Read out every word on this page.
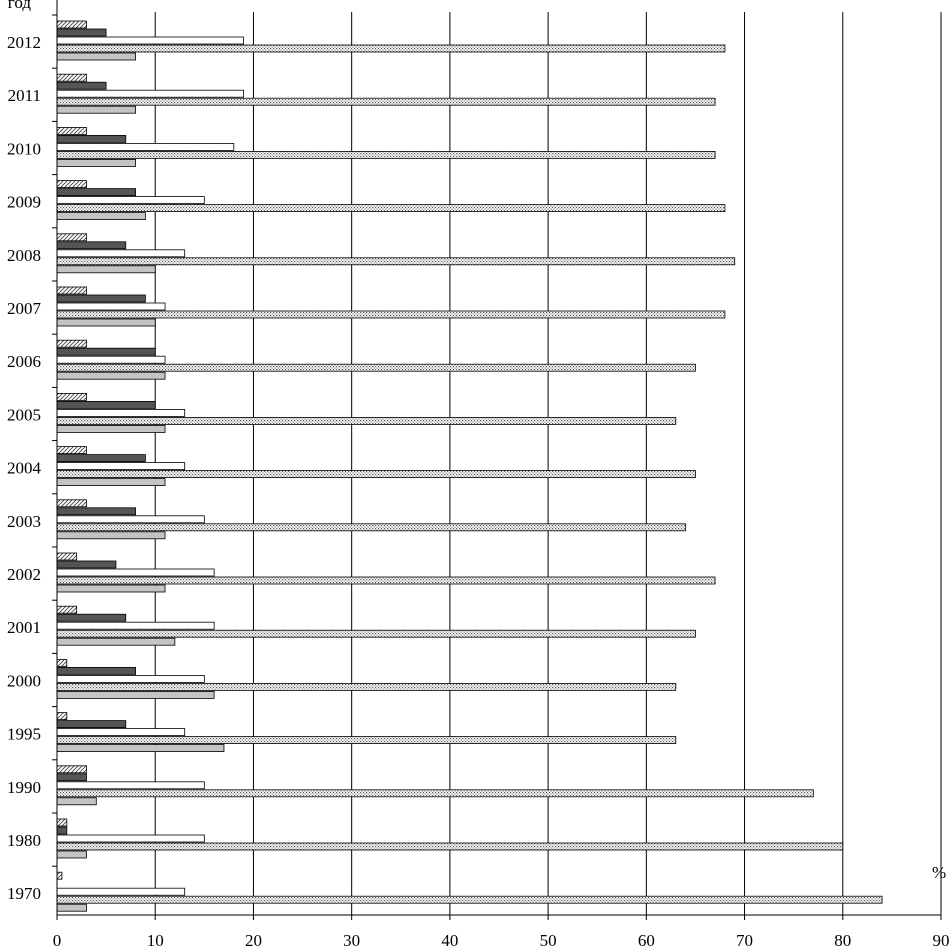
0	10	20	30	40	50	60	70	80	90
2012
2011
2010
2009
2008
2007
2006
2005
2004
2003
2002
2001
2000
1995
1990
1980
1970
год
%
